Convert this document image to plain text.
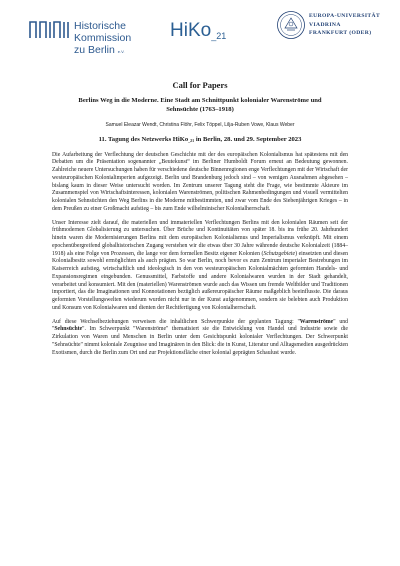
Historische
Kommission
zu Berlin e.V.
HiKo$_{\_21}$
EUROPA-UNIVERSITÄT
VIADRINA
FRANKFURT (ODER)
Call for Papers
Berlins Weg in die Moderne. Eine Stadt am Schnittpunkt kolonialer Warenströme und
Sehnsüchte (1763–1918)
Samuel Eleazar Wendt, Christina Flöhr, Felix Töppel, Lilja-Ruben Vowe, Klaus Weber
11. Tagung des Netzwerks HiKo$_{\_21}$ in Berlin, 28. und 29. September 2023

Die Aufarbeitung der Verflechtung der deutschen Geschichte mit der des europäischen Kolonialismus hat spätestens mit den Debatten um die Präsentation sogenannter „Beutekunst“ im Berliner Humboldt Forum erneut an Bedeutung gewonnen. Zahlreiche neuere Untersuchungen haben für verschiedene deutsche Binnenregionen enge Verflechtungen mit der Wirtschaft der westeuropäischen Kolonialimperien aufgezeigt. Berlin und Brandenburg jedoch sind – von wenigen Ausnahmen abgesehen – bislang kaum in dieser Weise untersucht worden. Im Zentrum unserer Tagung steht die Frage, wie bestimmte Akteure im Zusammenspiel von Wirtschaftsinteressen, kolonialen Warenströmen, politischen Rahmenbedingungen und visuell vermittelten kolonialen Sehnsüchten den Weg Berlins in die Moderne mitbestimmten, und zwar vom Ende des Siebenjährigen Krieges – in dem Preußen zu einer Großmacht aufstieg – bis zum Ende wilhelminischer Kolonialherrschaft.

Unser Interesse zielt darauf, die materiellen und immateriellen Verflechtungen Berlins mit den kolonialen Räumen seit der frühmodernen Globalisierung zu untersuchen. Über Brüche und Kontinuitäten von später 18. bis ins frühe 20. Jahrhundert hinein waren die Modernisierungen Berlins mit dem europäischen Kolonialismus und Imperialismus verknüpft. Mit einem epochenübergreifend globalhistorischen Zugang verstehen wir die etwas über 30 Jahre währende deutsche Kolonialzeit (1884–1918) als eine Folge von Prozessen, die lange vor dem formellen Besitz eigener Kolonien (Schutzgebiete) einsetzten und diesen Kolonialbesitz sowohl ermöglichten als auch prägten. So war Berlin, noch bevor es zum Zentrum imperialer Bestrebungen im Kaiserreich aufstieg, wirtschaftlich und ideologisch in den von westeuropäischen Kolonialmächten geformten Handels- und Expansionsregimen eingebunden. Genussmittel, Farbstoffe und andere Kolonialwaren wurden in der Stadt gehandelt, verarbeitet und konsumiert. Mit den (materiellen) Warenströmen wurde auch das Wissen um fremde Weltbilder und Traditionen importiert, das die Imaginationen und Konnotationen bezüglich außereuropäischer Räume maßgeblich beeinflusste. Die daraus geformten Vorstellungswelten wiederum wurden nicht nur in der Kunst aufgenommen, sondern sie belebten auch Produktion und Konsum von Kolonialwaren und dienten der Rechtfertigung von Kolonialherrschaft.

Auf diese Wechselbeziehungen verweisen die inhaltlichen Schwerpunkte der geplanten Tagung: "Warenströme" und "Sehnsüchte". Im Schwerpunkt "Warenströme" thematisiert sie die Entwicklung von Handel und Industrie sowie die Zirkulation von Waren und Menschen in Berlin unter dem Gesichtspunkt kolonialer Verflechtungen. Der Schwerpunkt "Sehnsüchte" nimmt koloniale Zeugnisse und Imaginären in den Blick: die in Kunst, Literatur und Alltagsmedien ausgedrückten Exotismen, durch die Berlin zum Ort und zur Projektionsfläche einer kolonial geprägten Schaulust wurde.
